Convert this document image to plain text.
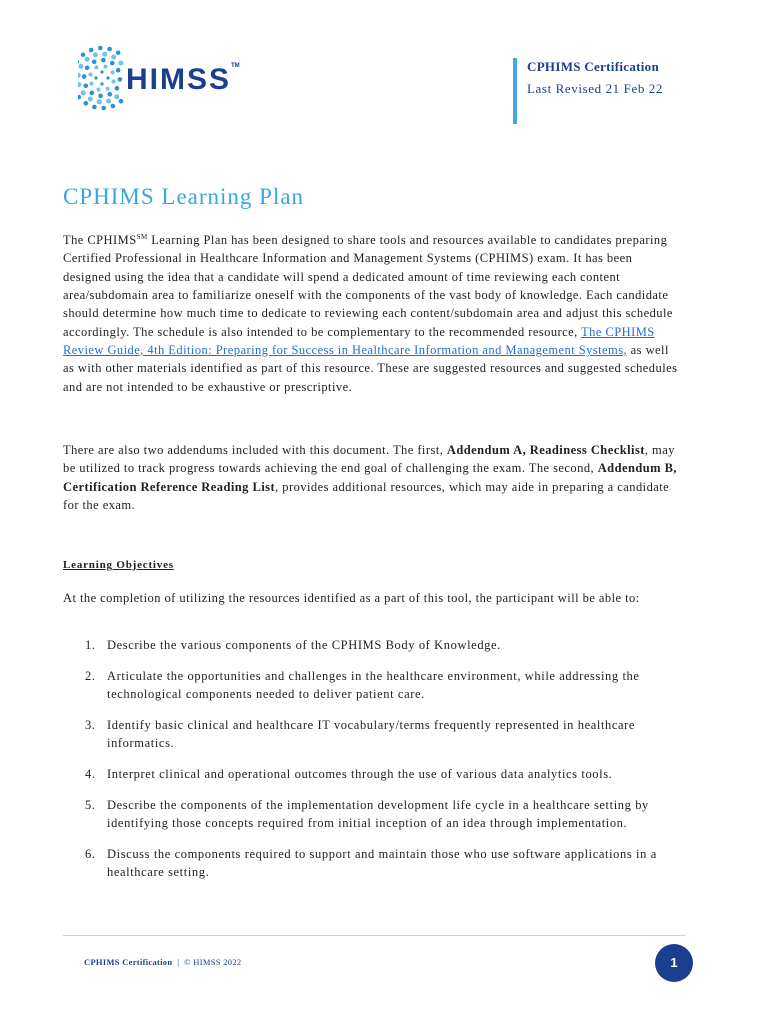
HIMSS™	CPHIMS Certification
Last Revised 21 Feb 22
CPHIMS Learning Plan

The CPHIMS℠ Learning Plan has been designed to share tools and resources available to candidates preparing Certified Professional in Healthcare Information and Management Systems (CPHIMS) exam. It has been designed using the idea that a candidate will spend a dedicated amount of time reviewing each content area/subdomain area to familiarize oneself with the components of the vast body of knowledge. Each candidate should determine how much time to dedicate to reviewing each content/subdomain area and adjust this schedule accordingly. The schedule is also intended to be complementary to the recommended resource, The CPHIMS Review Guide, 4th Edition: Preparing for Success in Healthcare Information and Management Systems, as well as with other materials identified as part of this resource. These are suggested resources and suggested schedules and are not intended to be exhaustive or prescriptive.

There are also two addendums included with this document. The first, Addendum A, Readiness Checklist, may be utilized to track progress towards achieving the end goal of challenging the exam. The second, Addendum B, Certification Reference Reading List, provides additional resources, which may aide in preparing a candidate for the exam.

Learning Objectives

At the completion of utilizing the resources identified as a part of this tool, the participant will be able to:

1. Describe the various components of the CPHIMS Body of Knowledge.
2. Articulate the opportunities and challenges in the healthcare environment, while addressing the technological components needed to deliver patient care.
3. Identify basic clinical and healthcare IT vocabulary/terms frequently represented in healthcare informatics.
4. Interpret clinical and operational outcomes through the use of various data analytics tools.
5. Describe the components of the implementation development life cycle in a healthcare setting by identifying those concepts required from initial inception of an idea through implementation.
6. Discuss the components required to support and maintain those who use software applications in a healthcare setting.
CPHIMS Certification | © HIMSS 2022	1
